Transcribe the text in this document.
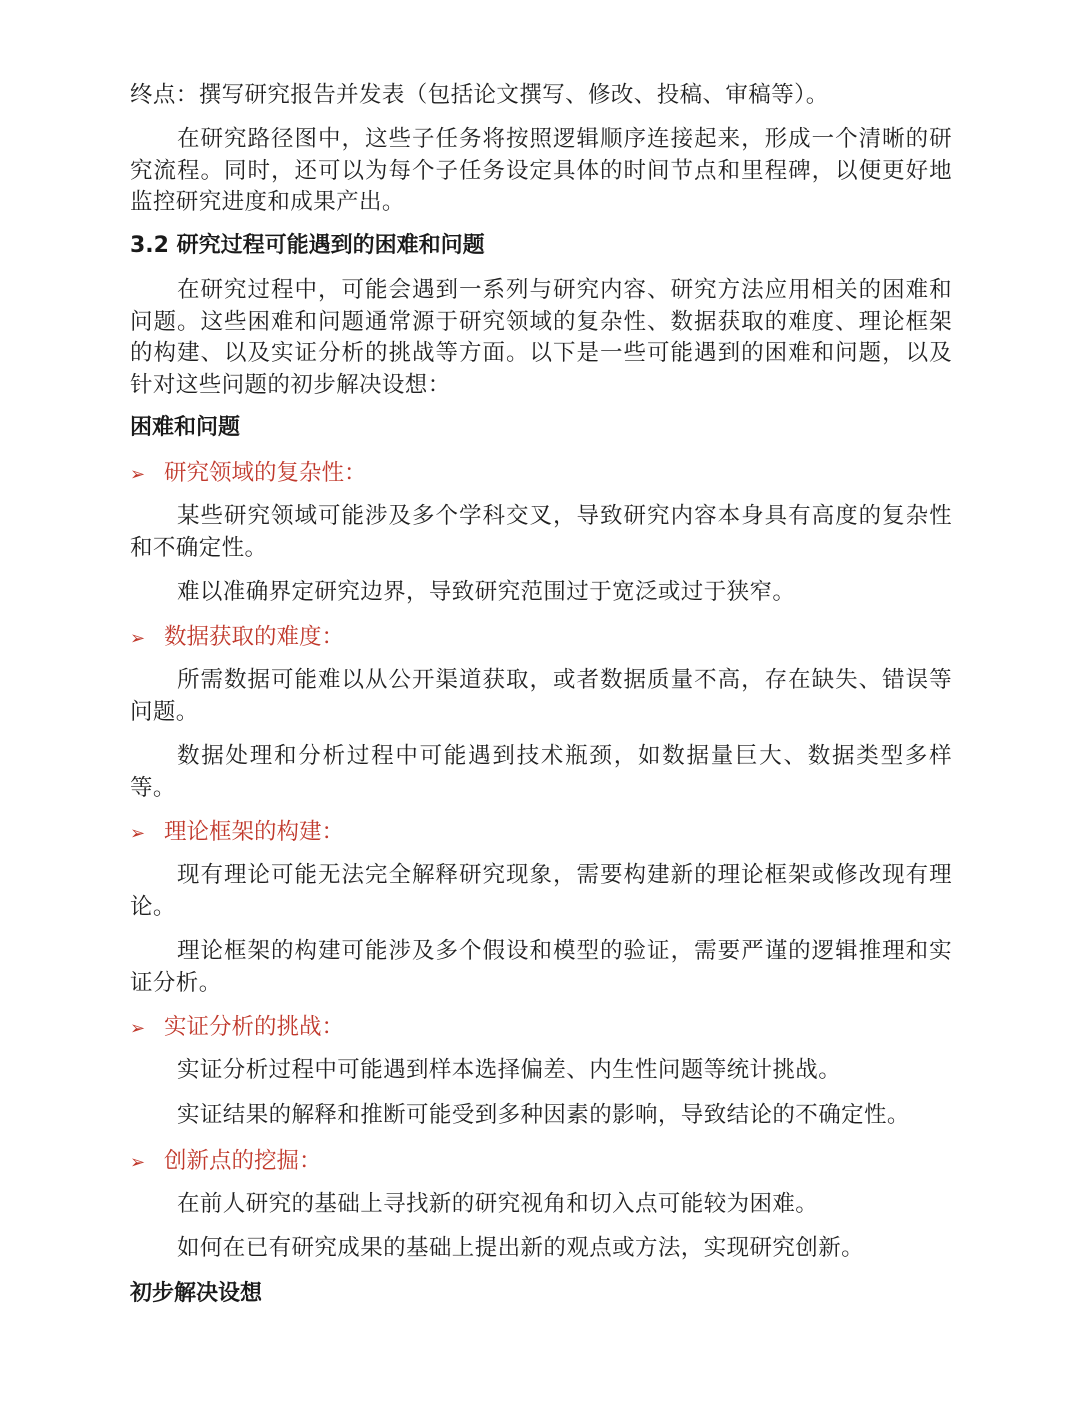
终点：撰写研究报告并发表（包括论文撰写、修改、投稿、审稿等）。
在研究路径图中，这些子任务将按照逻辑顺序连接起来，形成一个清晰的研究流程。同时，还可以为每个子任务设定具体的时间节点和里程碑，以便更好地监控研究进度和成果产出。
3.2 研究过程可能遇到的困难和问题
在研究过程中，可能会遇到一系列与研究内容、研究方法应用相关的困难和问题。这些困难和问题通常源于研究领域的复杂性、数据获取的难度、理论框架的构建、以及实证分析的挑战等方面。以下是一些可能遇到的困难和问题，以及针对这些问题的初步解决设想：
困难和问题
➢ 研究领域的复杂性：
某些研究领域可能涉及多个学科交叉，导致研究内容本身具有高度的复杂性和不确定性。
难以准确界定研究边界，导致研究范围过于宽泛或过于狭窄。
➢ 数据获取的难度：
所需数据可能难以从公开渠道获取，或者数据质量不高，存在缺失、错误等问题。
数据处理和分析过程中可能遇到技术瓶颈，如数据量巨大、数据类型多样等。
➢ 理论框架的构建：
现有理论可能无法完全解释研究现象，需要构建新的理论框架或修改现有理论。
理论框架的构建可能涉及多个假设和模型的验证，需要严谨的逻辑推理和实证分析。
➢ 实证分析的挑战：
实证分析过程中可能遇到样本选择偏差、内生性问题等统计挑战。
实证结果的解释和推断可能受到多种因素的影响，导致结论的不确定性。
➢ 创新点的挖掘：
在前人研究的基础上寻找新的研究视角和切入点可能较为困难。
如何在已有研究成果的基础上提出新的观点或方法，实现研究创新。
初步解决设想
